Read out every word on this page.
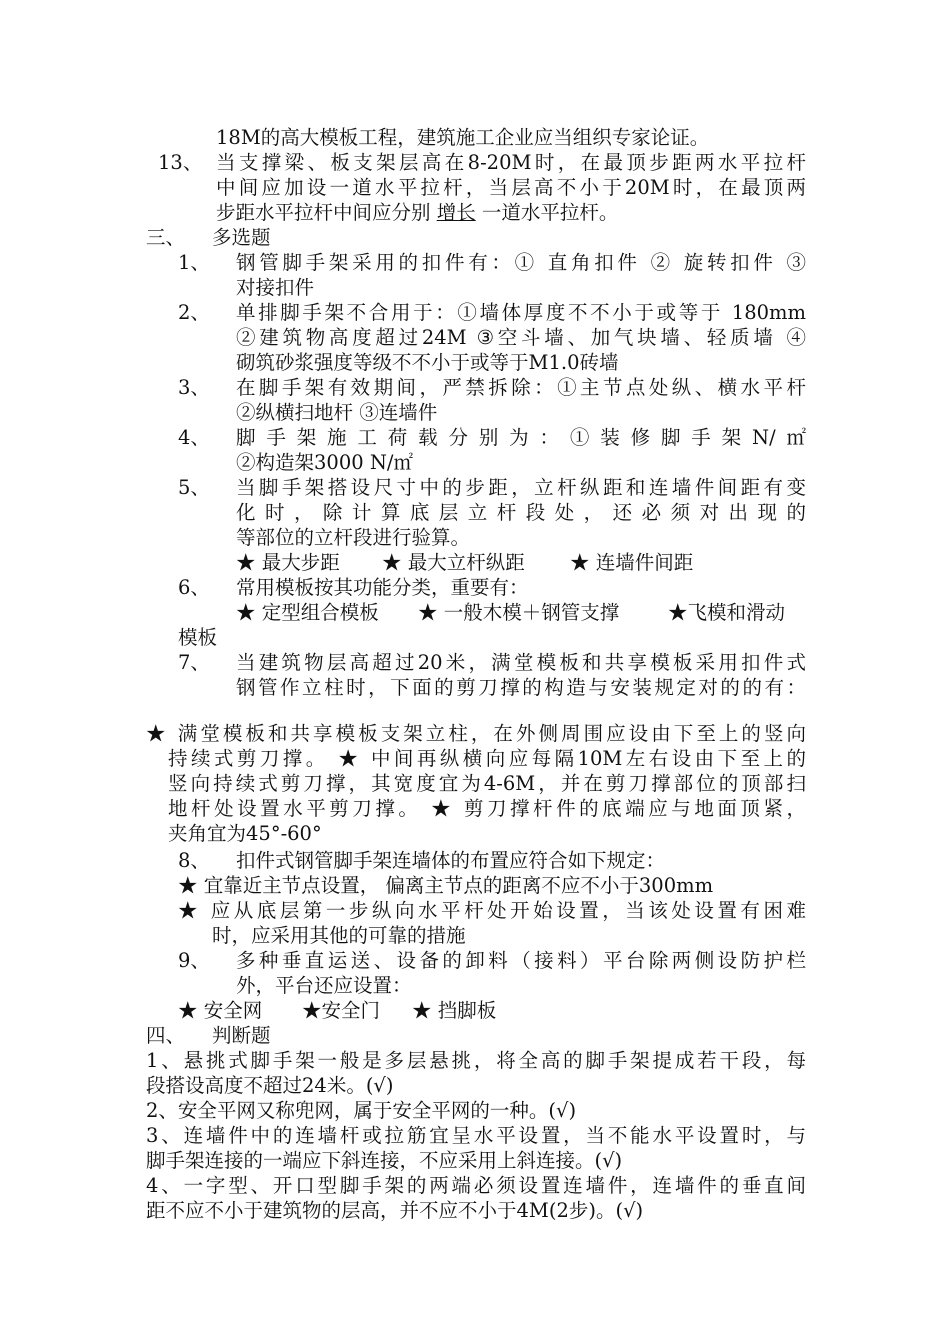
18M的高大模板工程，建筑施工企业应当组织专家论证。
13、 当支撑梁、板支架层高在8-20M时，在最顶步距两水平拉杆
中间应加设一道水平拉杆，当层高不小于20M时，在最顶两
步距水平拉杆中间应分别 增长 一道水平拉杆。
三、 多选题
1、 钢管脚手架采用的扣件有：① 直角扣件 ② 旋转扣件 ③
对接扣件
2、 单排脚手架不合用于：①墙体厚度不不小于或等于 180mm
②建筑物高度超过24M ③空斗墙、加气块墙、轻质墙 ④
砌筑砂浆强度等级不不小于或等于M1.0砖墙
3、 在脚手架有效期间，严禁拆除：①主节点处纵、横水平杆
②纵横扫地杆 ③连墙件
4、 脚手架施工荷载分别为：①装修脚手架N/㎡
②构造架3000 N/㎡
5、 当脚手架搭设尺寸中的步距，立杆纵距和连墙件间距有变
化时，除计算底层立杆段处，还必须对出现的
等部位的立杆段进行验算。
★ 最大步距 ★ 最大立杆纵距 ★ 连墙件间距
6、 常用模板按其功能分类，重要有：
★ 定型组合模板 ★ 一般木模＋钢管支撑	★飞模和滑动
模板
7、 当建筑物层高超过20米，满堂模板和共享模板采用扣件式
钢管作立柱时，下面的剪刀撑的构造与安装规定对的的有：
★ 满堂模板和共享模板支架立柱，在外侧周围应设由下至上的竖向
持续式剪刀撑。 ★ 中间再纵横向应每隔10M左右设由下至上的
竖向持续式剪刀撑，其宽度宜为4-6M，并在剪刀撑部位的顶部扫
地杆处设置水平剪刀撑。 ★ 剪刀撑杆件的底端应与地面顶紧，
夹角宜为45°-60°
8、 扣件式钢管脚手架连墙体的布置应符合如下规定：
★ 宜靠近主节点设置， 偏离主节点的距离不应不小于300mm
★ 应从底层第一步纵向水平杆处开始设置，当该处设置有困难
时，应采用其他的可靠的措施
9、 多种垂直运送、设备的卸料（接料）平台除两侧设防护栏
外，平台还应设置：
★ 安全网 ★安全门 ★ 挡脚板
四、 判断题
1、悬挑式脚手架一般是多层悬挑，将全高的脚手架提成若干段，每
段搭设高度不超过24米。(√)
2、安全平网又称兜网，属于安全平网的一种。(√)
3、连墙件中的连墙杆或拉筋宜呈水平设置，当不能水平设置时，与
脚手架连接的一端应下斜连接，不应采用上斜连接。(√)
4、一字型、开口型脚手架的两端必须设置连墙件，连墙件的垂直间
距不应不小于建筑物的层高，并不应不小于4M(2步)。(√)
